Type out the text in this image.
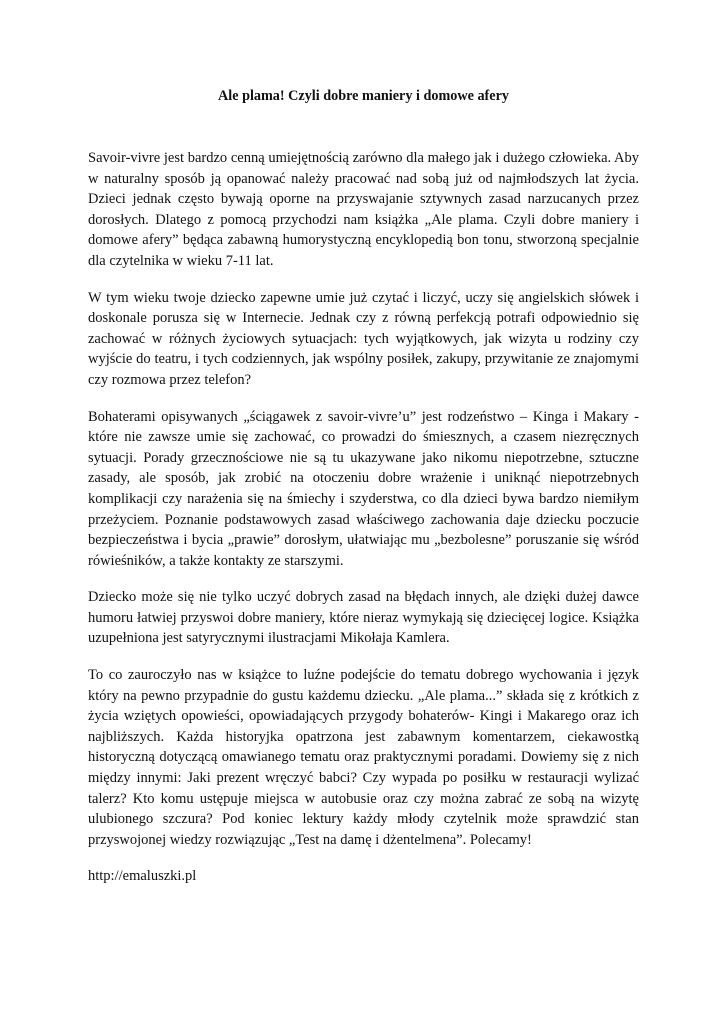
Ale plama! Czyli dobre maniery i domowe afery

Savoir-vivre jest bardzo cenną umiejętnością zarówno dla małego jak i dużego człowieka. Aby w naturalny sposób ją opanować należy pracować nad sobą już od najmłodszych lat życia. Dzieci jednak często bywają oporne na przyswajanie sztywnych zasad narzucanych przez dorosłych. Dlatego z pomocą przychodzi nam książka „Ale plama. Czyli dobre maniery i domowe afery” będąca zabawną humorystyczną encyklopedią bon tonu, stworzoną specjalnie dla czytelnika w wieku 7-11 lat.

W tym wieku twoje dziecko zapewne umie już czytać i liczyć, uczy się angielskich słówek i doskonale porusza się w Internecie. Jednak czy z równą perfekcją potrafi odpowiednio się zachować w różnych życiowych sytuacjach: tych wyjątkowych, jak wizyta u rodziny czy wyjście do teatru, i tych codziennych, jak wspólny posiłek, zakupy, przywitanie ze znajomymi czy rozmowa przez telefon?

Bohaterami opisywanych „ściągawek z savoir-vivre’u” jest rodzeństwo – Kinga i Makary - które nie zawsze umie się zachować, co prowadzi do śmiesznych, a czasem niezręcznych sytuacji. Porady grzecznościowe nie są tu ukazywane jako nikomu niepotrzebne, sztuczne zasady, ale sposób, jak zrobić na otoczeniu dobre wrażenie i uniknąć niepotrzebnych komplikacji czy narażenia się na śmiechy i szyderstwa, co dla dzieci bywa bardzo niemiłym przeżyciem. Poznanie podstawowych zasad właściwego zachowania daje dziecku poczucie bezpieczeństwa i bycia „prawie” dorosłym, ułatwiając mu „bezbolesne” poruszanie się wśród rówieśników, a także kontakty ze starszymi.

Dziecko może się nie tylko uczyć dobrych zasad na błędach innych, ale dzięki dużej dawce humoru łatwiej przyswoi dobre maniery, które nieraz wymykają się dziecięcej logice. Książka uzupełniona jest satyrycznymi ilustracjami Mikołaja Kamlera.

To co zauroczyło nas w książce to luźne podejście do tematu dobrego wychowania i język który na pewno przypadnie do gustu każdemu dziecku. „Ale plama...” składa się z krótkich z życia wziętych opowieści, opowiadających przygody bohaterów- Kingi i Makarego oraz ich najbliższych. Każda historyjka opatrzona jest zabawnym komentarzem, ciekawostką historyczną dotyczącą omawianego tematu oraz praktycznymi poradami. Dowiemy się z nich między innymi: Jaki prezent wręczyć babci? Czy wypada po posiłku w restauracji wylizać talerz? Kto komu ustępuje miejsca w autobusie oraz czy można zabrać ze sobą na wizytę ulubionego szczura? Pod koniec lektury każdy młody czytelnik może sprawdzić stan przyswojonej wiedzy rozwiązując „Test na damę i dżentelmena”. Polecamy!

http://emaluszki.pl
